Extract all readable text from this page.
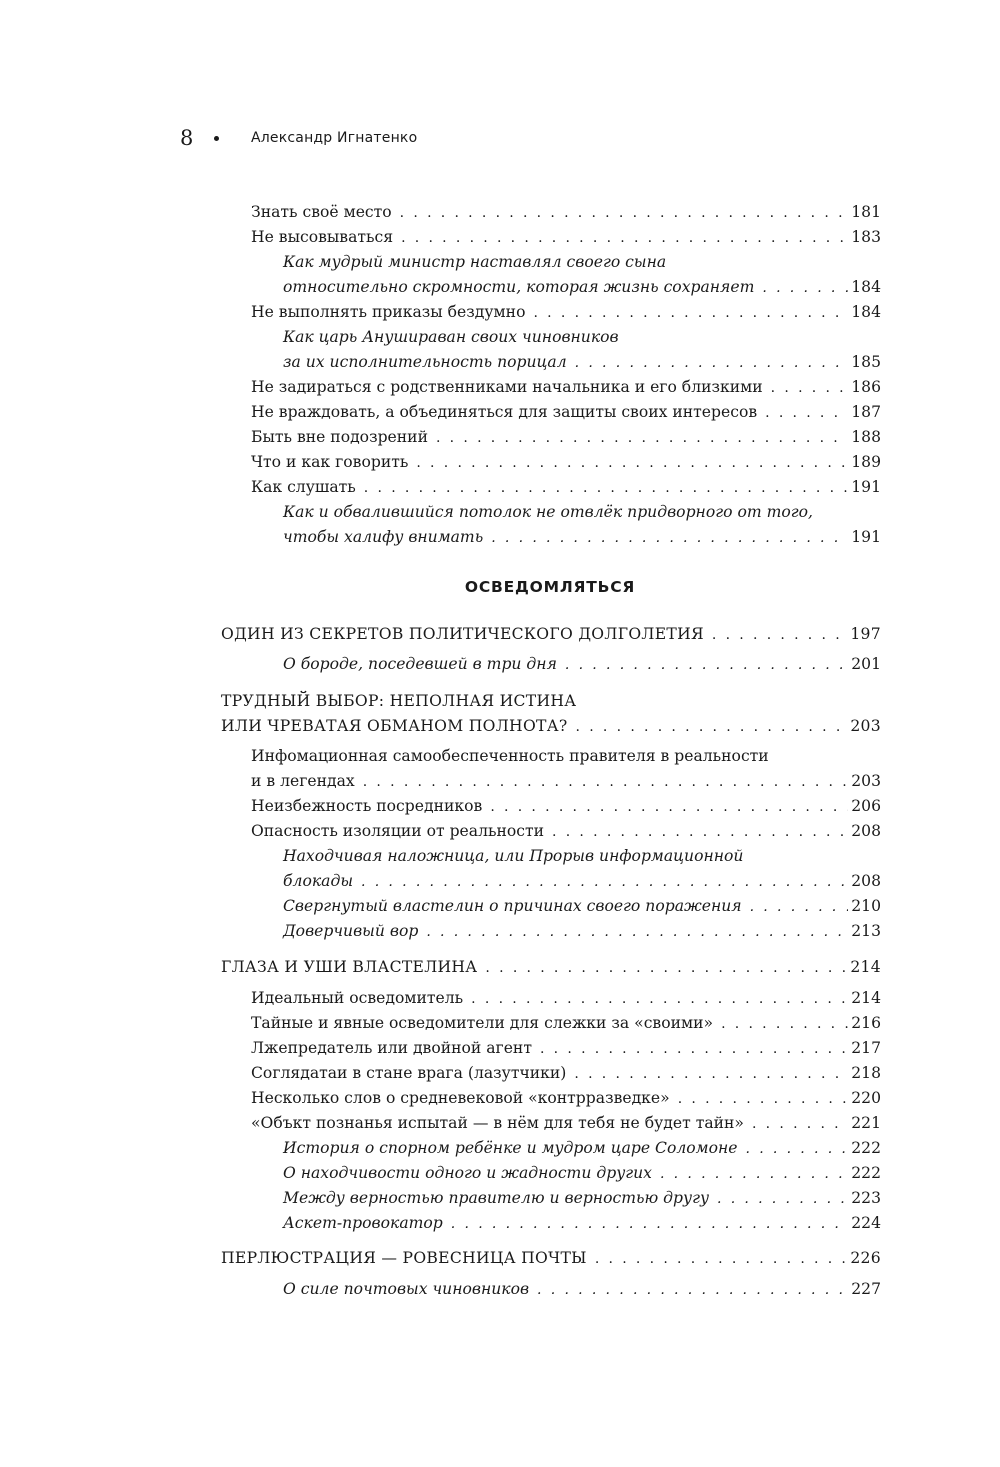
8	Александр Игнатенко
Знать своё место . . .	181
Не высовываться . . .	183
Как мудрый министр наставлял своего сына
относительно скромности, которая жизнь сохраняет . . .	184
Не выполнять приказы бездумно . . .	184
Как царь Анушираван своих чиновников
за их исполнительность порицал . . .	185
Не задираться с родственниками начальника и его близкими . . .	186
Не враждовать, а объединяться для защиты своих интересов . . .	187
Быть вне подозрений . . .	188
Что и как говорить . . .	189
Как слушать . . .	191
Как и обвалившийся потолок не отвлёк придворного от того,
чтобы халифу внимать . . .	191
ОСВЕДОМЛЯТЬСЯ
ОДИН ИЗ СЕКРЕТОВ ПОЛИТИЧЕСКОГО ДОЛГОЛЕТИЯ . . .	197
О бороде, поседевшей в три дня . . .	201
ТРУДНЫЙ ВЫБОР: НЕПОЛНАЯ ИСТИНА
ИЛИ ЧРЕВАТАЯ ОБМАНОМ ПОЛНОТА? . . .	203
Инфомационная самообеспеченность правителя в реальности
и в легендах . . .	203
Неизбежность посредников . . .	206
Опасность изоляции от реальности . . .	208
Находчивая наложница, или Прорыв информационной
блокады . . .	208
Свергнутый властелин о причинах своего поражения . . .	210
Доверчивый вор . . .	213
ГЛАЗА И УШИ ВЛАСТЕЛИНА . . .	214
Идеальный осведомитель . . .	214
Тайные и явные осведомители для слежки за «своими» . . .	216
Лжепредатель или двойной агент . . .	217
Соглядатаи в стане врага (лазутчики) . . .	218
Несколько слов о средневековой «контрразведке» . . .	220
«Объкт познанья испытай — в нём для тебя не будет тайн» . . .	221
История о спорном ребёнке и мудром царе Соломоне . . .	222
О находчивости одного и жадности других . . .	222
Между верностью правителю и верностью другу . . .	223
Аскет-провокатор . . .	224
ПЕРЛЮСТРАЦИЯ — РОВЕСНИЦА ПОЧТЫ . . .	226
О силе почтовых чиновников . . .	227
